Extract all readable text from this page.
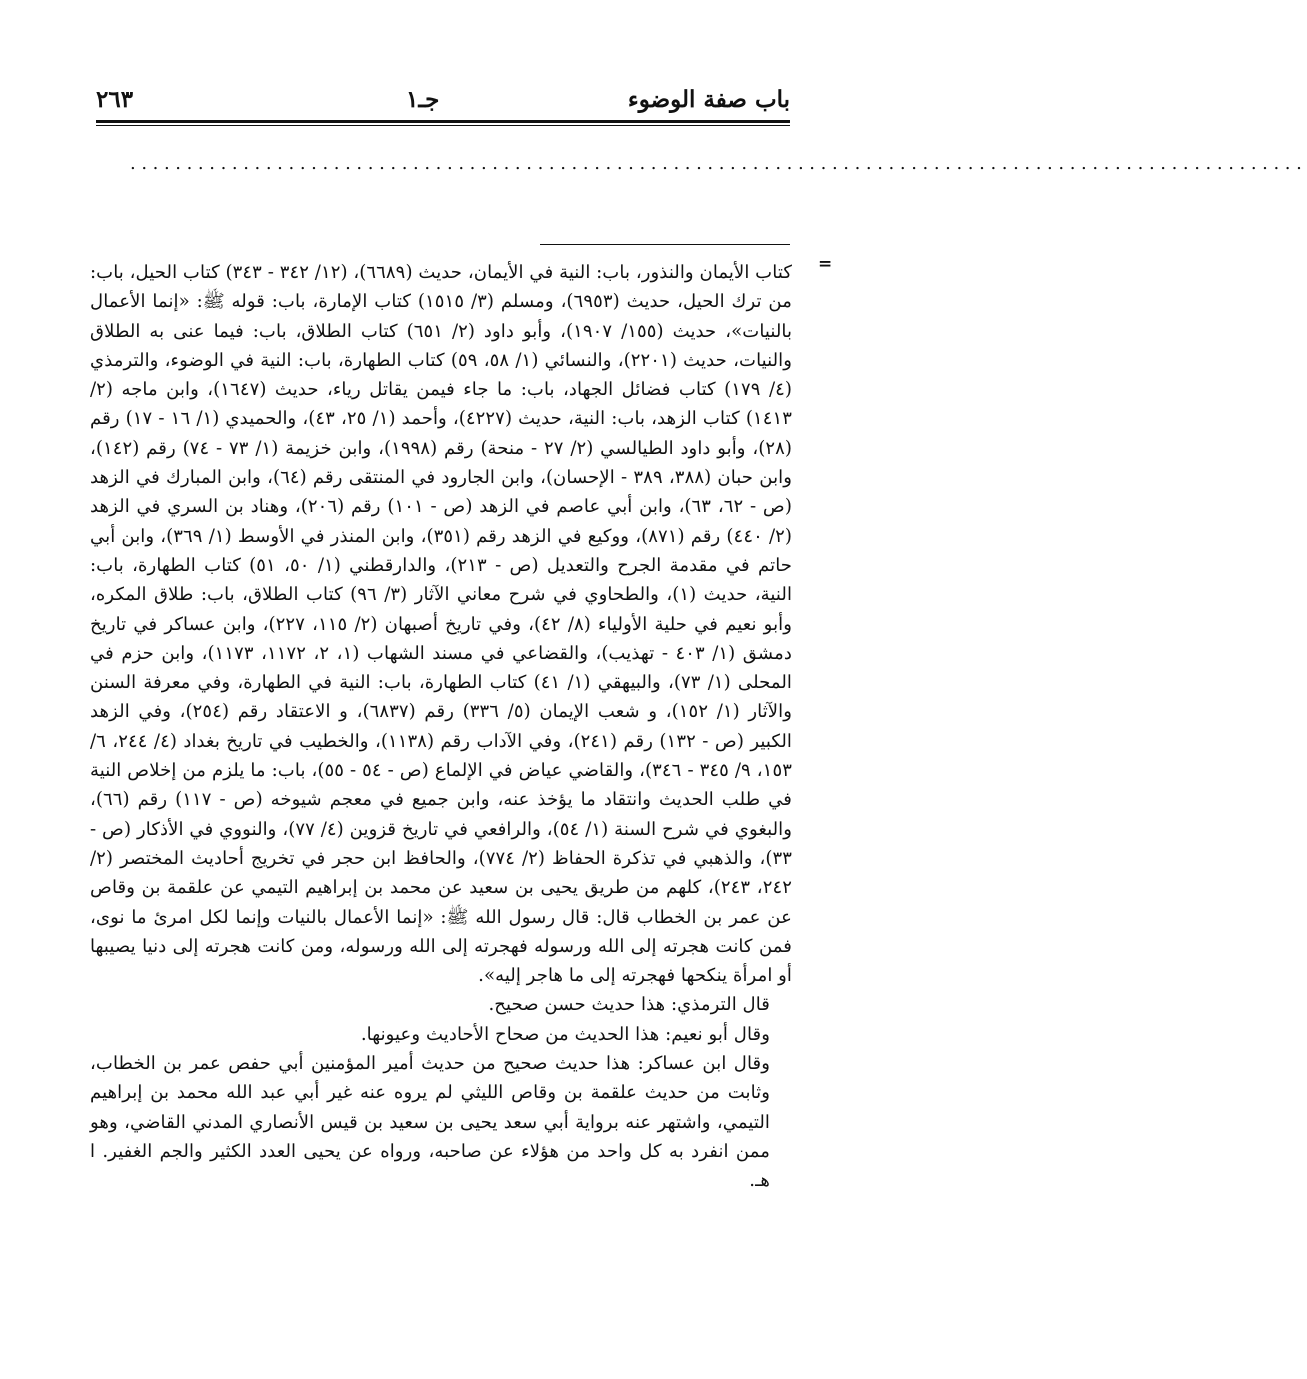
باب صفة الوضوء
جـ١
٢٦٣
........................................................................................................
=

كتاب الأيمان والنذور، باب: النية في الأيمان، حديث (٦٦٨٩)، (١٢/ ٣٤٢ - ٣٤٣) كتاب الحيل، باب: من ترك الحيل، حديث (٦٩٥٣)، ومسلم (٣/ ١٥١٥) كتاب الإمارة، باب: قوله ﷺ: «إنما الأعمال بالنيات»، حديث (١٥٥/ ١٩٠٧)، وأبو داود (٢/ ٦٥١) كتاب الطلاق، باب: فيما عنى به الطلاق والنيات، حديث (٢٢٠١)، والنسائي (١/ ٥٨، ٥٩) كتاب الطهارة، باب: النية في الوضوء، والترمذي (٤/ ١٧٩) كتاب فضائل الجهاد، باب: ما جاء فيمن يقاتل رياء، حديث (١٦٤٧)، وابن ماجه (٢/ ١٤١٣) كتاب الزهد، باب: النية، حديث (٤٢٢٧)، وأحمد (١/ ٢٥، ٤٣)، والحميدي (١/ ١٦ - ١٧) رقم (٢٨)، وأبو داود الطيالسي (٢/ ٢٧ - منحة) رقم (١٩٩٨)، وابن خزيمة (١/ ٧٣ - ٧٤) رقم (١٤٢)، وابن حبان (٣٨٨، ٣٨٩ - الإحسان)، وابن الجارود في المنتقى رقم (٦٤)، وابن المبارك في الزهد (ص - ٦٢، ٦٣)، وابن أبي عاصم في الزهد (ص - ١٠١) رقم (٢٠٦)، وهناد بن السري في الزهد (٢/ ٤٤٠) رقم (٨٧١)، ووكيع في الزهد رقم (٣٥١)، وابن المنذر في الأوسط (١/ ٣٦٩)، وابن أبي حاتم في مقدمة الجرح والتعديل (ص - ٢١٣)، والدارقطني (١/ ٥٠، ٥١) كتاب الطهارة، باب: النية، حديث (١)، والطحاوي في شرح معاني الآثار (٣/ ٩٦) كتاب الطلاق، باب: طلاق المكره، وأبو نعيم في حلية الأولياء (٨/ ٤٢)، وفي تاريخ أصبهان (٢/ ١١٥، ٢٢٧)، وابن عساكر في تاريخ دمشق (١/ ٤٠٣ - تهذيب)، والقضاعي في مسند الشهاب (١، ٢، ١١٧٢، ١١٧٣)، وابن حزم في المحلى (١/ ٧٣)، والبيهقي (١/ ٤١) كتاب الطهارة، باب: النية في الطهارة، وفي معرفة السنن والآثار (١/ ١٥٢)، و شعب الإيمان (٥/ ٣٣٦) رقم (٦٨٣٧)، و الاعتقاد رقم (٢٥٤)، وفي الزهد الكبير (ص - ١٣٢) رقم (٢٤١)، وفي الآداب رقم (١١٣٨)، والخطيب في تاريخ بغداد (٤/ ٢٤٤، ٦/ ١٥٣، ٩/ ٣٤٥ - ٣٤٦)، والقاضي عياض في الإلماع (ص - ٥٤ - ٥٥)، باب: ما يلزم من إخلاص النية في طلب الحديث وانتقاد ما يؤخذ عنه، وابن جميع في معجم شيوخه (ص - ١١٧) رقم (٦٦)، والبغوي في شرح السنة (١/ ٥٤)، والرافعي في تاريخ قزوين (٤/ ٧٧)، والنووي في الأذكار (ص - ٣٣)، والذهبي في تذكرة الحفاظ (٢/ ٧٧٤)، والحافظ ابن حجر في تخريج أحاديث المختصر (٢/ ٢٤٢، ٢٤٣)، كلهم من طريق يحيى بن سعيد عن محمد بن إبراهيم التيمي عن علقمة بن وقاص عن عمر بن الخطاب قال: قال رسول الله ﷺ: «إنما الأعمال بالنيات وإنما لكل امرئ ما نوى، فمن كانت هجرته إلى الله ورسوله فهجرته إلى الله ورسوله، ومن كانت هجرته إلى دنيا يصيبها أو امرأة ينكحها فهجرته إلى ما هاجر إليه».

قال الترمذي: هذا حديث حسن صحيح.

وقال أبو نعيم: هذا الحديث من صحاح الأحاديث وعيونها.

وقال ابن عساكر: هذا حديث صحيح من حديث أمير المؤمنين أبي حفص عمر بن الخطاب، وثابت من حديث علقمة بن وقاص الليثي لم يروه عنه غير أبي عبد الله محمد بن إبراهيم التيمي، واشتهر عنه برواية أبي سعد يحيى بن سعيد بن قيس الأنصاري المدني القاضي، وهو ممن انفرد به كل واحد من هؤلاء عن صاحبه، ورواه عن يحيى العدد الكثير والجم الغفير. ا هـ.
